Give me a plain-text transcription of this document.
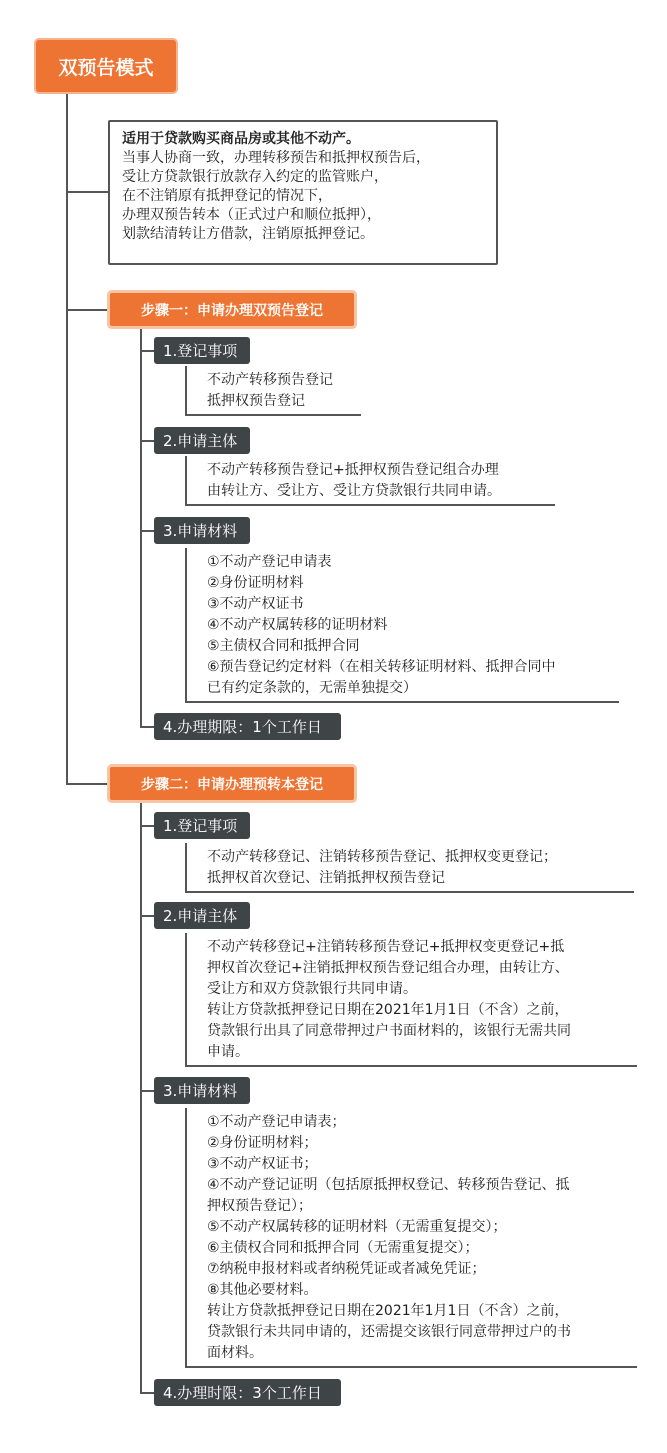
双预告模式
适用于贷款购买商品房或其他不动产。
当事人协商一致，办理转移预告和抵押权预告后，
受让方贷款银行放款存入约定的监管账户，
在不注销原有抵押登记的情况下，
办理双预告转本（正式过户和顺位抵押），
划款结清转让方借款，注销原抵押登记。
步骤一：申请办理双预告登记
1.登记事项
不动产转移预告登记
抵押权预告登记
2.申请主体
不动产转移预告登记+抵押权预告登记组合办理
由转让方、受让方、受让方贷款银行共同申请。
3.申请材料
①不动产登记申请表
②身份证明材料
③不动产权证书
④不动产权属转移的证明材料
⑤主债权合同和抵押合同
⑥预告登记约定材料（在相关转移证明材料、抵押合同中
已有约定条款的，无需单独提交）
4.办理期限：1个工作日
步骤二：申请办理预转本登记
1.登记事项
不动产转移登记、注销转移预告登记、抵押权变更登记；
抵押权首次登记、注销抵押权预告登记
2.申请主体
不动产转移登记+注销转移预告登记+抵押权变更登记+抵
押权首次登记+注销抵押权预告登记组合办理，由转让方、
受让方和双方贷款银行共同申请。
转让方贷款抵押登记日期在2021年1月1日（不含）之前，
贷款银行出具了同意带押过户书面材料的，该银行无需共同
申请。
3.申请材料
①不动产登记申请表；
②身份证明材料；
③不动产权证书；
④不动产登记证明（包括原抵押权登记、转移预告登记、抵
押权预告登记）；
⑤不动产权属转移的证明材料（无需重复提交）；
⑥主债权合同和抵押合同（无需重复提交）；
⑦纳税申报材料或者纳税凭证或者减免凭证；
⑧其他必要材料。
转让方贷款抵押登记日期在2021年1月1日（不含）之前，
贷款银行未共同申请的，还需提交该银行同意带押过户的书
面材料。
4.办理时限：3个工作日
